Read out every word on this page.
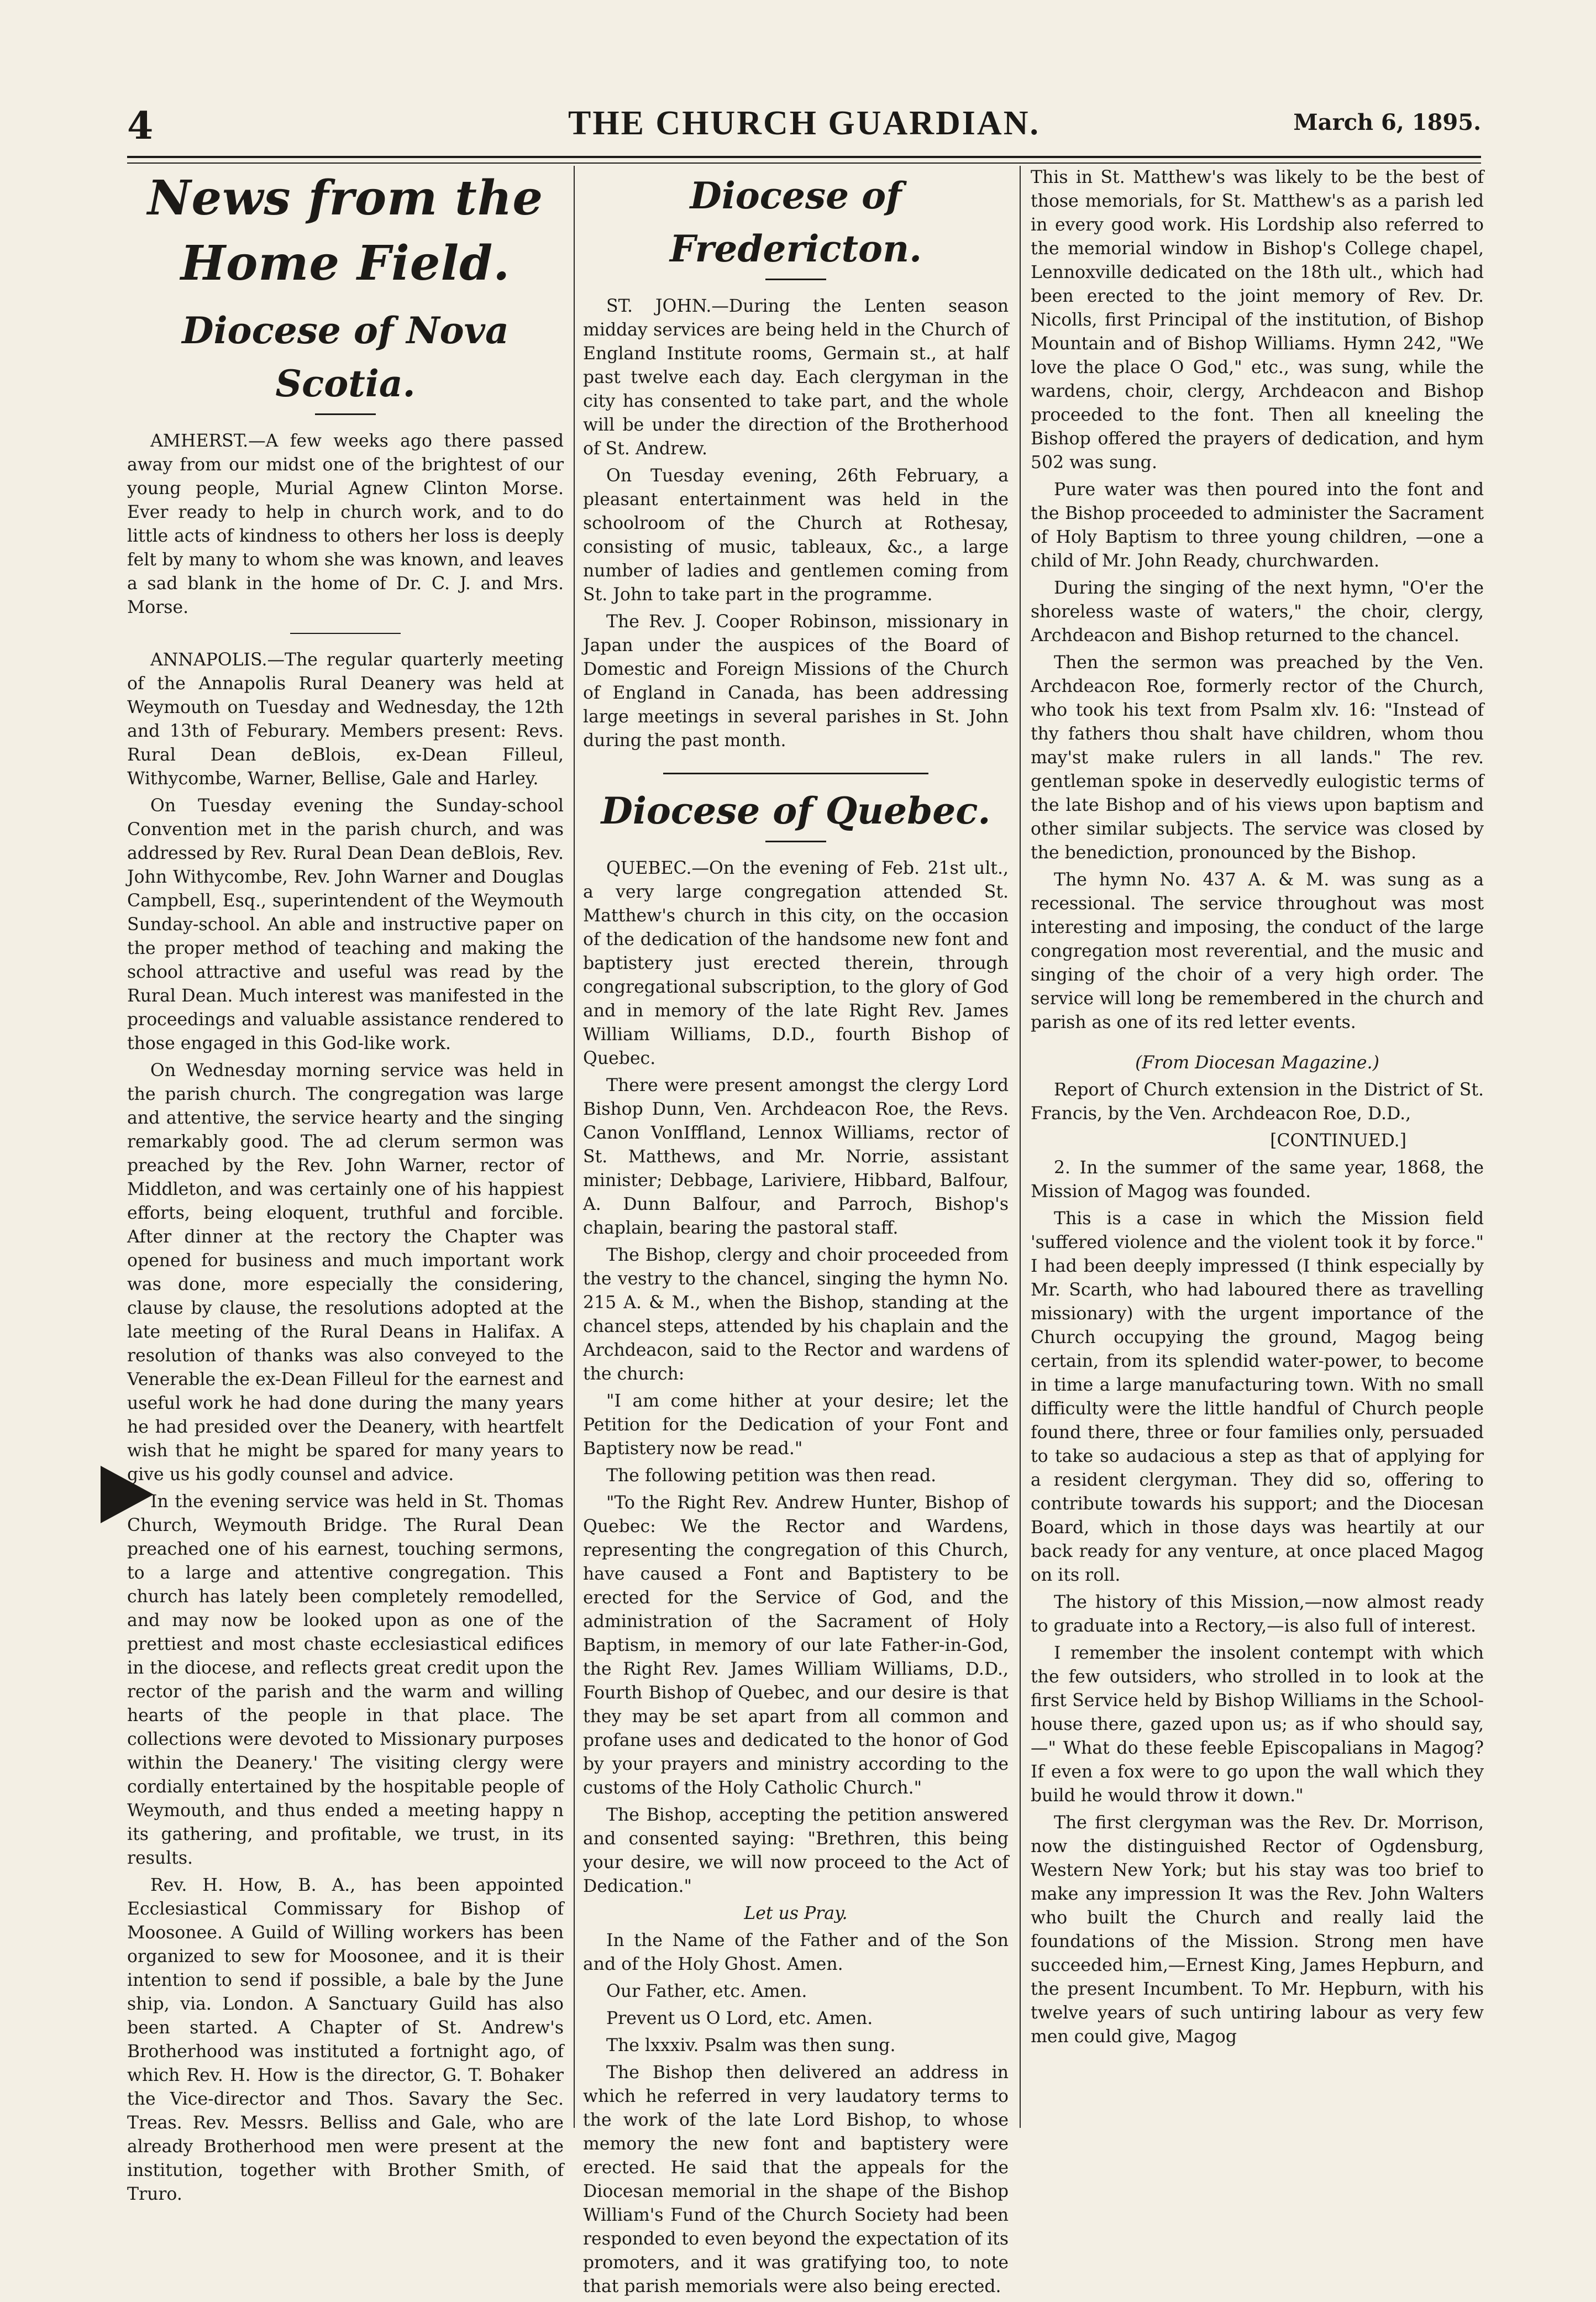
4	THE CHURCH GUARDIAN.	March 6, 1895.
News from the Home Field.
Diocese of Nova Scotia.

AMHERST.—A few weeks ago there passed away from our midst one of the brightest of our young people, Murial Agnew Clinton Morse. Ever ready to help in church work, and to do little acts of kindness to others her loss is deeply felt by many to whom she was known, and leaves a sad blank in the home of Dr. C. J. and Mrs. Morse.

ANNAPOLIS.—The regular quarterly meeting of the Annapolis Rural Deanery was held at Weymouth on Tuesday and Wednesday, the 12th and 13th of Feburary. Members present: Revs. Rural Dean deBlois, ex-Dean Filleul, Withycombe, Warner, Bellise, Gale and Harley.

On Tuesday evening the Sunday-school Convention met in the parish church, and was addressed by Rev. Rural Dean Dean deBlois, Rev. John Withycombe, Rev. John Warner and Douglas Campbell, Esq., superintendent of the Weymouth Sunday-school. An able and instructive paper on the proper method of teaching and making the school attractive and useful was read by the Rural Dean. Much interest was manifested in the proceedings and valuable assistance rendered to those engaged in this God-like work.

On Wednesday morning service was held in the parish church. The congregation was large and attentive, the service hearty and the singing remarkably good. The ad clerum sermon was preached by the Rev. John Warner, rector of Middleton, and was certainly one of his happiest efforts, being eloquent, truthful and forcible. After dinner at the rectory the Chapter was opened for business and much important work was done, more especially the considering, clause by clause, the resolutions adopted at the late meeting of the Rural Deans in Halifax. A resolution of thanks was also conveyed to the Venerable the ex-Dean Filleul for the earnest and useful work he had done during the many years he had presided over the Deanery, with heartfelt wish that he might be spared for many years to give us his godly counsel and advice.

In the evening service was held in St. Thomas Church, Weymouth Bridge. The Rural Dean preached one of his earnest, touching sermons, to a large and attentive congregation. This church has lately been completely remodelled, and may now be looked upon as one of the prettiest and most chaste ecclesiastical edifices in the diocese, and reflects great credit upon the rector of the parish and the warm and willing hearts of the people in that place. The collections were devoted to Missionary purposes within the Deanery.' The visiting clergy were cordially entertained by the hospitable people of Weymouth, and thus ended a meeting happy n its gathering, and profitable, we trust, in its results.

Rev. H. How, B. A., has been appointed Ecclesiastical Commissary for Bishop of Moosonee. A Guild of Willing workers has been organized to sew for Moosonee, and it is their intention to send if possible, a bale by the June ship, via. London. A Sanctuary Guild has also been started. A Chapter of St. Andrew's Brotherhood was instituted a fortnight ago, of which Rev. H. How is the director, G. T. Bohaker the Vice-director and Thos. Savary the Sec. Treas. Rev. Messrs. Belliss and Gale, who are already Brotherhood men were present at the institution, together with Brother Smith, of Truro.

Diocese of Fredericton.

ST. JOHN.—During the Lenten season midday services are being held in the Church of England Institute rooms, Germain st., at half past twelve each day. Each clergyman in the city has consented to take part, and the whole will be under the direction of the Brotherhood of St. Andrew.

On Tuesday evening, 26th February, a pleasant entertainment was held in the schoolroom of the Church at Rothesay, consisting of music, tableaux, &c., a large number of ladies and gentlemen coming from St. John to take part in the programme.

The Rev. J. Cooper Robinson, missionary in Japan under the auspices of the Board of Domestic and Foreign Missions of the Church of England in Canada, has been addressing large meetings in several parishes in St. John during the past month.

Diocese of Quebec.

QUEBEC.—On the evening of Feb. 21st ult., a very large congregation attended St. Matthew's church in this city, on the occasion of the dedication of the handsome new font and baptistery just erected therein, through congregational subscription, to the glory of God and in memory of the late Right Rev. James William Williams, D.D., fourth Bishop of Quebec.

There were present amongst the clergy Lord Bishop Dunn, Ven. Archdeacon Roe, the Revs. Canon VonIffland, Lennox Williams, rector of St. Matthews, and Mr. Norrie, assistant minister; Debbage, Lariviere, Hibbard, Balfour, A. Dunn Balfour, and Parroch, Bishop's chaplain, bearing the pastoral staff.

The Bishop, clergy and choir proceeded from the vestry to the chancel, singing the hymn No. 215 A. & M., when the Bishop, standing at the chancel steps, attended by his chaplain and the Archdeacon, said to the Rector and wardens of the church:

"I am come hither at your desire; let the Petition for the Dedication of your Font and Baptistery now be read."

The following petition was then read.

"To the Right Rev. Andrew Hunter, Bishop of Quebec: We the Rector and Wardens, representing the congregation of this Church, have caused a Font and Baptistery to be erected for the Service of God, and the administration of the Sacrament of Holy Baptism, in memory of our late Father-in-God, the Right Rev. James William Williams, D.D., Fourth Bishop of Quebec, and our desire is that they may be set apart from all common and profane uses and dedicated to the honor of God by your prayers and ministry according to the customs of the Holy Catholic Church."

The Bishop, accepting the petition answered and consented saying: "Brethren, this being your desire, we will now proceed to the Act of Dedication."

Let us Pray.

In the Name of the Father and of the Son and of the Holy Ghost. Amen.

Our Father, etc. Amen.

Prevent us O Lord, etc. Amen.

The lxxxiv. Psalm was then sung.

The Bishop then delivered an address in which he referred in very laudatory terms to the work of the late Lord Bishop, to whose memory the new font and baptistery were erected. He said that the appeals for the Diocesan memorial in the shape of the Bishop William's Fund of the Church Society had been responded to even beyond the expectation of its promoters, and it was gratifying too, to note that parish memorials were also being erected.

This in St. Matthew's was likely to be the best of those memorials, for St. Matthew's as a parish led in every good work. His Lordship also referred to the memorial window in Bishop's College chapel, Lennoxville dedicated on the 18th ult., which had been erected to the joint memory of Rev. Dr. Nicolls, first Principal of the institution, of Bishop Mountain and of Bishop Williams. Hymn 242, "We love the place O God," etc., was sung, while the wardens, choir, clergy, Archdeacon and Bishop proceeded to the font. Then all kneeling the Bishop offered the prayers of dedication, and hym 502 was sung.

Pure water was then poured into the font and the Bishop proceeded to administer the Sacrament of Holy Baptism to three young children, —one a child of Mr. John Ready, churchwarden.

During the singing of the next hymn, "O'er the shoreless waste of waters," the choir, clergy, Archdeacon and Bishop returned to the chancel.

Then the sermon was preached by the Ven. Archdeacon Roe, formerly rector of the Church, who took his text from Psalm xlv. 16: "Instead of thy fathers thou shalt have children, whom thou may'st make rulers in all lands." The rev. gentleman spoke in deservedly eulogistic terms of the late Bishop and of his views upon baptism and other similar subjects. The service was closed by the benediction, pronounced by the Bishop.

The hymn No. 437 A. & M. was sung as a recessional. The service throughout was most interesting and imposing, the conduct of the large congregation most reverential, and the music and singing of the choir of a very high order. The service will long be remembered in the church and parish as one of its red letter events.

(From Diocesan Magazine.)

Report of Church extension in the District of St. Francis, by the Ven. Archdeacon Roe, D.D.,

[CONTINUED.]

2. In the summer of the same year, 1868, the Mission of Magog was founded.

This is a case in which the Mission field 'suffered violence and the violent took it by force." I had been deeply impressed (I think especially by Mr. Scarth, who had laboured there as travelling missionary) with the urgent importance of the Church occupying the ground, Magog being certain, from its splendid water-power, to become in time a large manufacturing town. With no small difficulty were the little handful of Church people found there, three or four families only, persuaded to take so audacious a step as that of applying for a resident clergyman. They did so, offering to contribute towards his support; and the Diocesan Board, which in those days was heartily at our back ready for any venture, at once placed Magog on its roll.

The history of this Mission,—now almost ready to graduate into a Rectory,—is also full of interest.

I remember the insolent contempt with which the few outsiders, who strolled in to look at the first Service held by Bishop Williams in the School-house there, gazed upon us; as if who should say,—" What do these feeble Episcopalians in Magog? If even a fox were to go upon the wall which they build he would throw it down."

The first clergyman was the Rev. Dr. Morrison, now the distinguished Rector of Ogdensburg, Western New York; but his stay was too brief to make any impression It was the Rev. John Walters who built the Church and really laid the foundations of the Mission. Strong men have succeeded him,—Ernest King, James Hepburn, and the present Incumbent. To Mr. Hepburn, with his twelve years of such untiring labour as very few men could give, Magog
